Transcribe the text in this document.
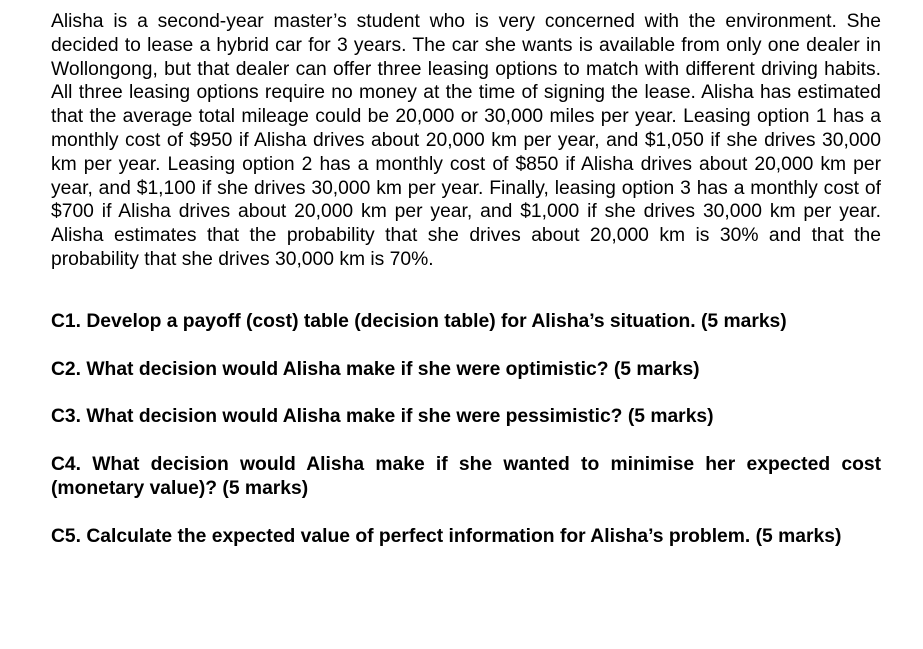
Alisha is a second-year master’s student who is very concerned with the environment. She decided to lease a hybrid car for 3 years. The car she wants is available from only one dealer in Wollongong, but that dealer can offer three leasing options to match with different driving habits. All three leasing options require no money at the time of signing the lease. Alisha has estimated that the average total mileage could be 20,000 or 30,000 miles per year. Leasing option 1 has a monthly cost of $950 if Alisha drives about 20,000 km per year, and $1,050 if she drives 30,000 km per year. Leasing option 2 has a monthly cost of $850 if Alisha drives about 20,000 km per year, and $1,100 if she drives 30,000 km per year. Finally, leasing option 3 has a monthly cost of $700 if Alisha drives about 20,000 km per year, and $1,000 if she drives 30,000 km per year. Alisha estimates that the probability that she drives about 20,000 km is 30% and that the probability that she drives 30,000 km is 70%.

C1. Develop a payoff (cost) table (decision table) for Alisha’s situation. (5 marks)

C2. What decision would Alisha make if she were optimistic? (5 marks)

C3. What decision would Alisha make if she were pessimistic? (5 marks)

C4. What decision would Alisha make if she wanted to minimise her expected cost (monetary value)? (5 marks)

C5. Calculate the expected value of perfect information for Alisha’s problem. (5 marks)
